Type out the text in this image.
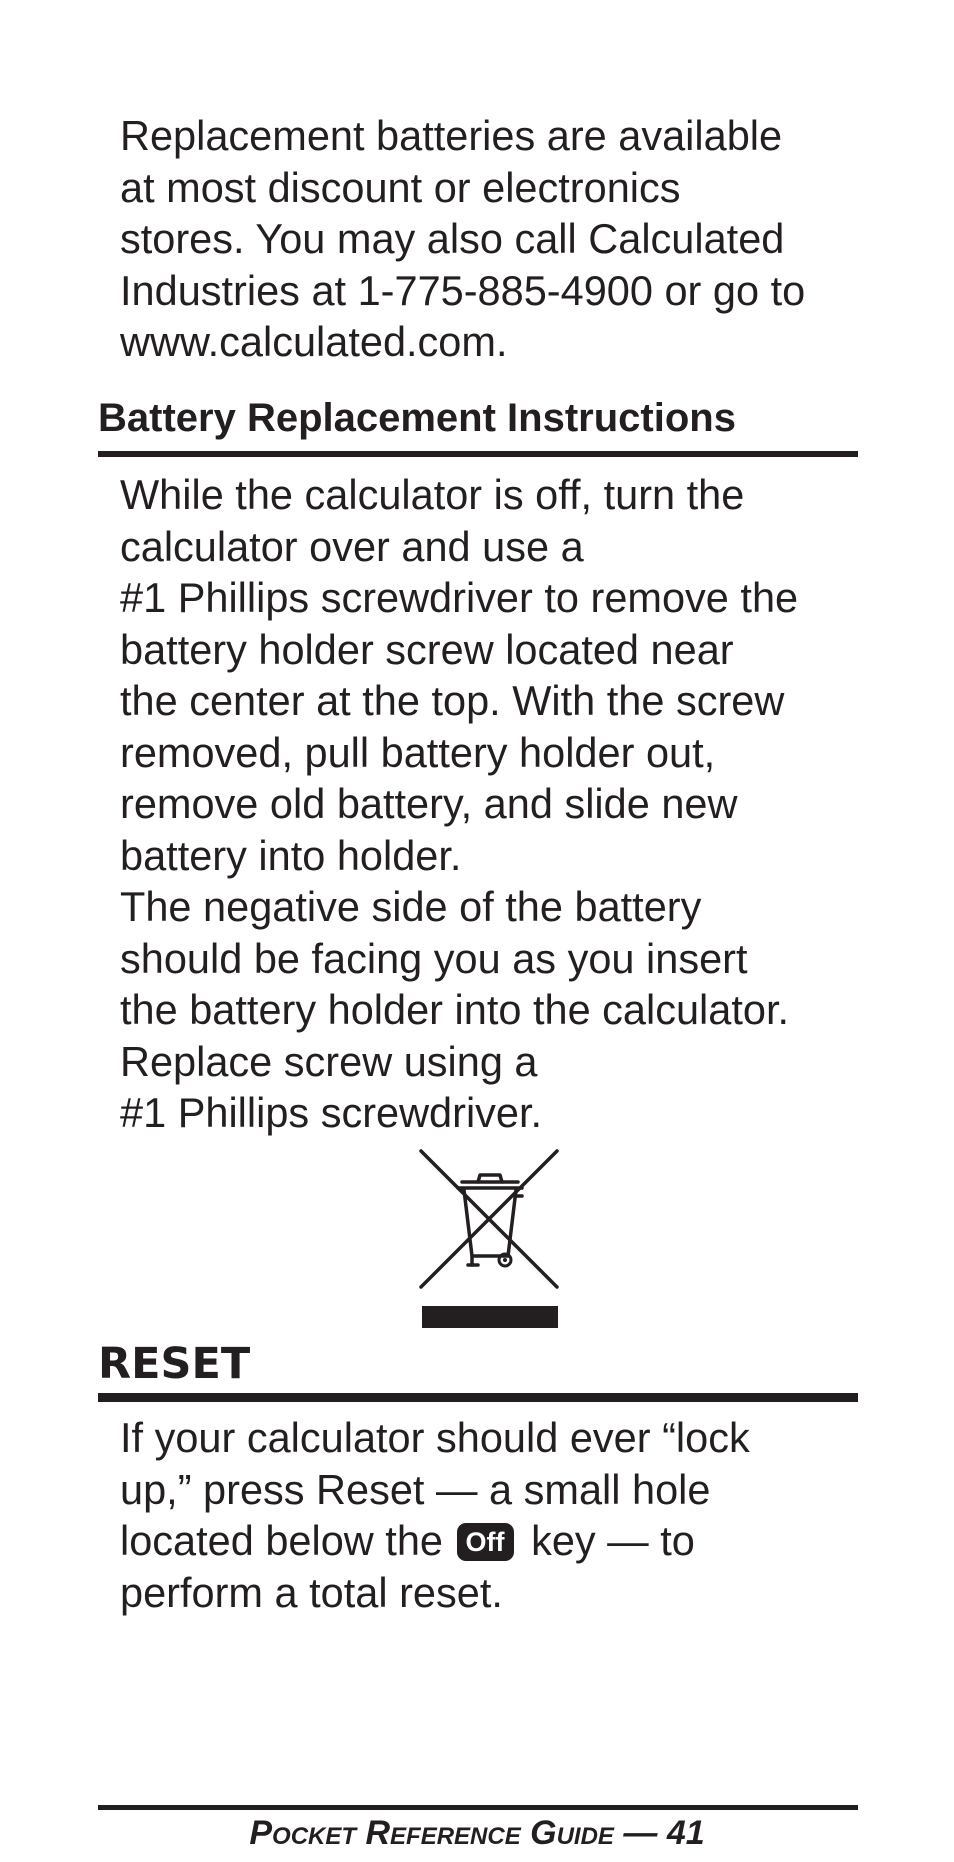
Replacement batteries are available
at most discount or electronics
stores. You may also call Calculated
Industries at 1-775-885-4900 or go to
www.calculated.com.
Battery Replacement Instructions
While the calculator is off, turn the
calculator over and use a
#1 Phillips screwdriver to remove the
battery holder screw located near
the center at the top. With the screw
removed, pull battery holder out,
remove old battery, and slide new
battery into holder.
The negative side of the battery
should be facing you as you insert
the battery holder into the calculator.
Replace screw using a
#1 Phillips screwdriver.
RESET
If your calculator should ever “lock
up,” press Reset — a small hole
located below the Off key — to
perform a total reset.
Pocket Reference Guide — 41
